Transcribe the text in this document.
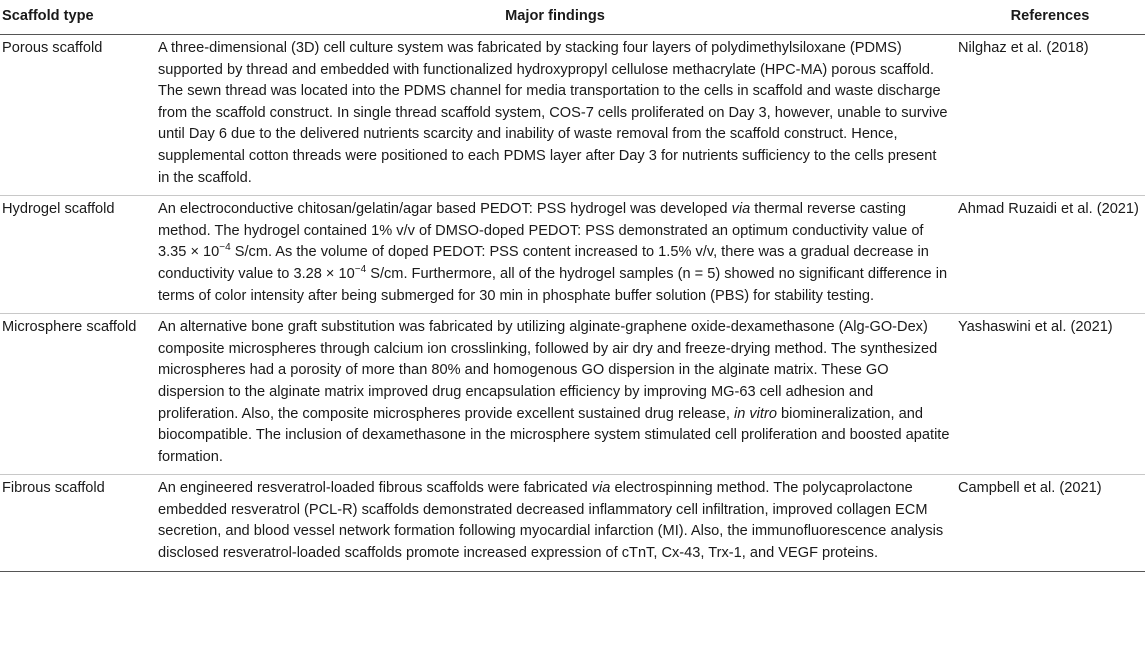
Scaffold type	Major findings	References
Porous scaffold	A three-dimensional (3D) cell culture system was fabricated by stacking four layers of polydimethylsiloxane (PDMS) supported by thread and embedded with functionalized hydroxypropyl cellulose methacrylate (HPC-MA) porous scaffold. The sewn thread was located into the PDMS channel for media transportation to the cells in scaffold and waste discharge from the scaffold construct. In single thread scaffold system, COS-7 cells proliferated on Day 3, however, unable to survive until Day 6 due to the delivered nutrients scarcity and inability of waste removal from the scaffold construct. Hence, supplemental cotton threads were positioned to each PDMS layer after Day 3 for nutrients sufficiency to the cells present in the scaffold.	Nilghaz et al. (2018)
Hydrogel scaffold	An electroconductive chitosan/gelatin/agar based PEDOT: PSS hydrogel was developed via thermal reverse casting method. The hydrogel contained 1% v/v of DMSO-doped PEDOT: PSS demonstrated an optimum conductivity value of $3.35 \times 10^{-4}$ S/cm. As the volume of doped PEDOT: PSS content increased to 1.5% v/v, there was a gradual decrease in conductivity value to $3.28 \times 10^{-4}$ S/cm. Furthermore, all of the hydrogel samples (n = 5) showed no significant difference in terms of color intensity after being submerged for 30 min in phosphate buffer solution (PBS) for stability testing.	Ahmad Ruzaidi et al. (2021)
Microsphere scaffold	An alternative bone graft substitution was fabricated by utilizing alginate-graphene oxide-dexamethasone (Alg-GO-Dex) composite microspheres through calcium ion crosslinking, followed by air dry and freeze-drying method. The synthesized microspheres had a porosity of more than 80% and homogenous GO dispersion in the alginate matrix. These GO dispersion to the alginate matrix improved drug encapsulation efficiency by improving MG-63 cell adhesion and proliferation. Also, the composite microspheres provide excellent sustained drug release, in vitro biomineralization, and biocompatible. The inclusion of dexamethasone in the microsphere system stimulated cell proliferation and boosted apatite formation.	Yashaswini et al. (2021)
Fibrous scaffold	An engineered resveratrol-loaded fibrous scaffolds were fabricated via electrospinning method. The polycaprolactone embedded resveratrol (PCL-R) scaffolds demonstrated decreased inflammatory cell infiltration, improved collagen ECM secretion, and blood vessel network formation following myocardial infarction (MI). Also, the immunofluorescence analysis disclosed resveratrol-loaded scaffolds promote increased expression of cTnT, Cx-43, Trx-1, and VEGF proteins.	Campbell et al. (2021)
